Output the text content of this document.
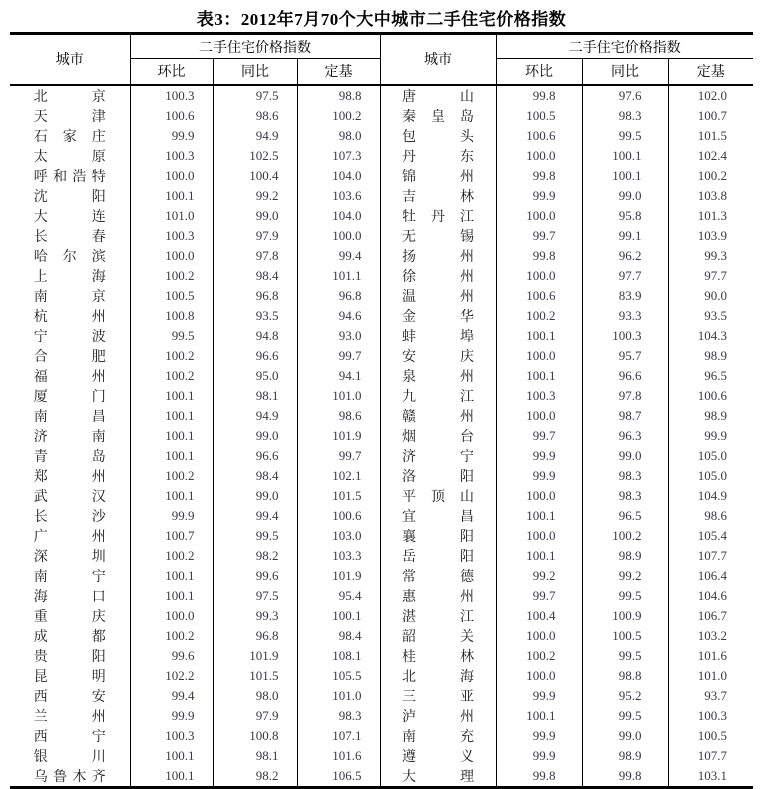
表3：2012年7月70个大中城市二手住宅价格指数
城市	二手住宅价格指数			城市	二手住宅价格指数		
	环比	同比	定基		环比	同比	定基
北京	100.3	97.5	98.8	唐山	99.8	97.6	102.0
天津	100.6	98.6	100.2	秦皇岛	100.5	98.3	100.7
石家庄	99.9	94.9	98.0	包头	100.6	99.5	101.5
太原	100.3	102.5	107.3	丹东	100.0	100.1	102.4
呼和浩特	100.0	100.4	104.0	锦州	99.8	100.1	100.2
沈阳	100.1	99.2	103.6	吉林	99.9	99.0	103.8
大连	101.0	99.0	104.0	牡丹江	100.0	95.8	101.3
长春	100.3	97.9	100.0	无锡	99.7	99.1	103.9
哈尔滨	100.0	97.8	99.4	扬州	99.8	96.2	99.3
上海	100.2	98.4	101.1	徐州	100.0	97.7	97.7
南京	100.5	96.8	96.8	温州	100.6	83.9	90.0
杭州	100.8	93.5	94.6	金华	100.2	93.3	93.5
宁波	99.5	94.8	93.0	蚌埠	100.1	100.3	104.3
合肥	100.2	96.6	99.7	安庆	100.0	95.7	98.9
福州	100.2	95.0	94.1	泉州	100.1	96.6	96.5
厦门	100.1	98.1	101.0	九江	100.3	97.8	100.6
南昌	100.1	94.9	98.6	赣州	100.0	98.7	98.9
济南	100.1	99.0	101.9	烟台	99.7	96.3	99.9
青岛	100.1	96.6	99.7	济宁	99.9	99.0	105.0
郑州	100.2	98.4	102.1	洛阳	99.9	98.3	105.0
武汉	100.1	99.0	101.5	平顶山	100.0	98.3	104.9
长沙	99.9	99.4	100.6	宜昌	100.1	96.5	98.6
广州	100.7	99.5	103.0	襄阳	100.0	100.2	105.4
深圳	100.2	98.2	103.3	岳阳	100.1	98.9	107.7
南宁	100.1	99.6	101.9	常德	99.2	99.2	106.4
海口	100.1	97.5	95.4	惠州	99.7	99.5	104.6
重庆	100.0	99.3	100.1	湛江	100.4	100.9	106.7
成都	100.2	96.8	98.4	韶关	100.0	100.5	103.2
贵阳	99.6	101.9	108.1	桂林	100.2	99.5	101.6
昆明	102.2	101.5	105.5	北海	100.0	98.8	101.0
西安	99.4	98.0	101.0	三亚	99.9	95.2	93.7
兰州	99.9	97.9	98.3	泸州	100.1	99.5	100.3
西宁	100.3	100.8	107.1	南充	99.9	99.0	100.5
银川	100.1	98.1	101.6	遵义	99.9	98.9	107.7
乌鲁木齐	100.1	98.2	106.5	大理	99.8	99.8	103.1
